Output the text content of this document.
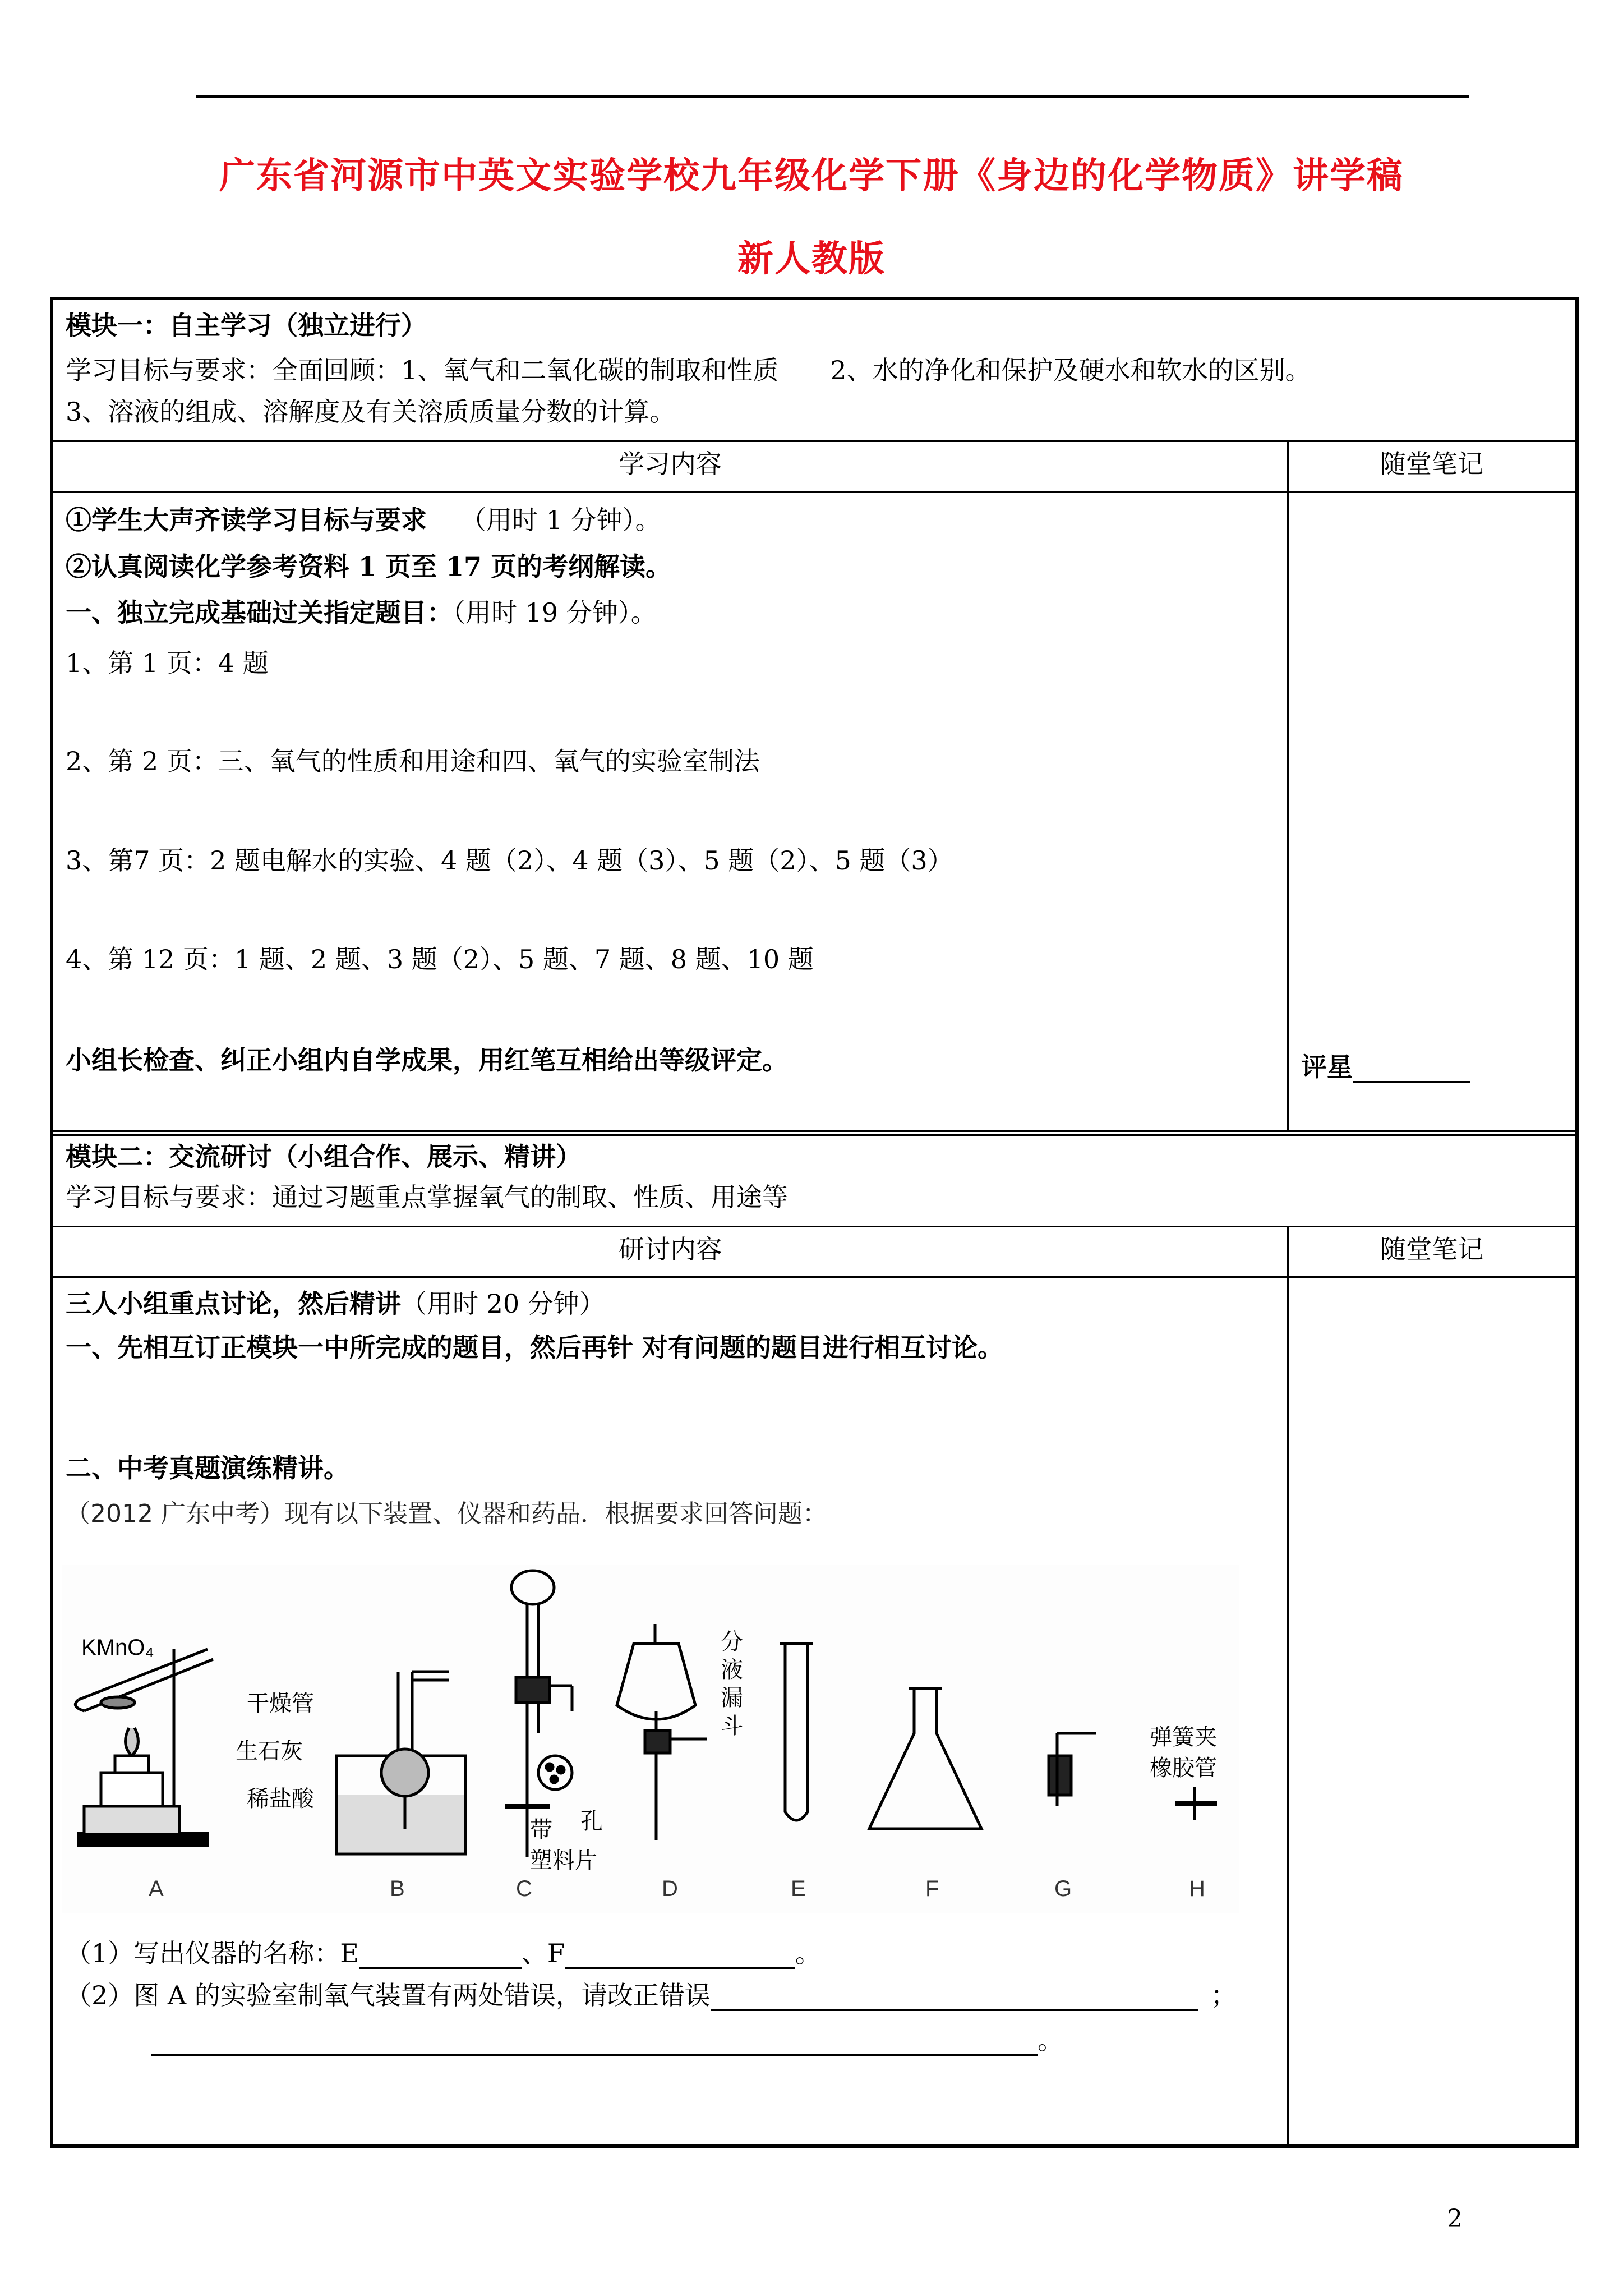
广东省河源市中英文实验学校九年级化学下册《身边的化学物质》讲学稿
新人教版
模块一：自主学习（独立进行）
学习目标与要求：全面回顾：1、氧气和二氧化碳的制取和性质　　2、水的净化和保护及硬水和软水的区别。
3、溶液的组成、溶解度及有关溶质质量分数的计算。
学习内容	随堂笔记
①学生大声齐读学习目标与要求 （用时 1 分钟）。
②认真阅读化学参考资料 1 页至 17 页的考纲解读。
一、独立完成基础过关指定题目：（用时 19 分钟）。
1、第 1 页：4 题
2、第 2 页：三、氧气的性质和用途和四、氧气的实验室制法
3、第7 页：2 题电解水的实验、4 题（2）、4 题（3）、5 题（2）、5 题（3）
4、第 12 页：1 题、2 题、3 题（2）、5 题、7 题、8 题、10 题
小组长检查、纠正小组内自学成果，用红笔互相给出等级评定。	评星
模块二：交流研讨（小组合作、展示、精讲）
学习目标与要求：通过习题重点掌握氧气的制取、性质、用途等
研讨内容	随堂笔记
三人小组重点讨论，然后精讲（用时 20 分钟）
一、先相互订正模块一中所完成的题目，然后再针 对有问题的题目进行相互讨论。
二、中考真题演练精讲。
（2012 广东中考）现有以下装置、仪器和药品．根据要求回答问题：
（1）写出仪器的名称：E	、F	。
（2）图 A 的实验室制氧气装置有两处错误，请改正错误	；
。
KMnO₄
干燥管
生石灰
稀盐酸
带 孔
塑料片
分
液
漏
斗	弹簧夹
橡胶管
A	B	C	D	E	F	G	H
2
